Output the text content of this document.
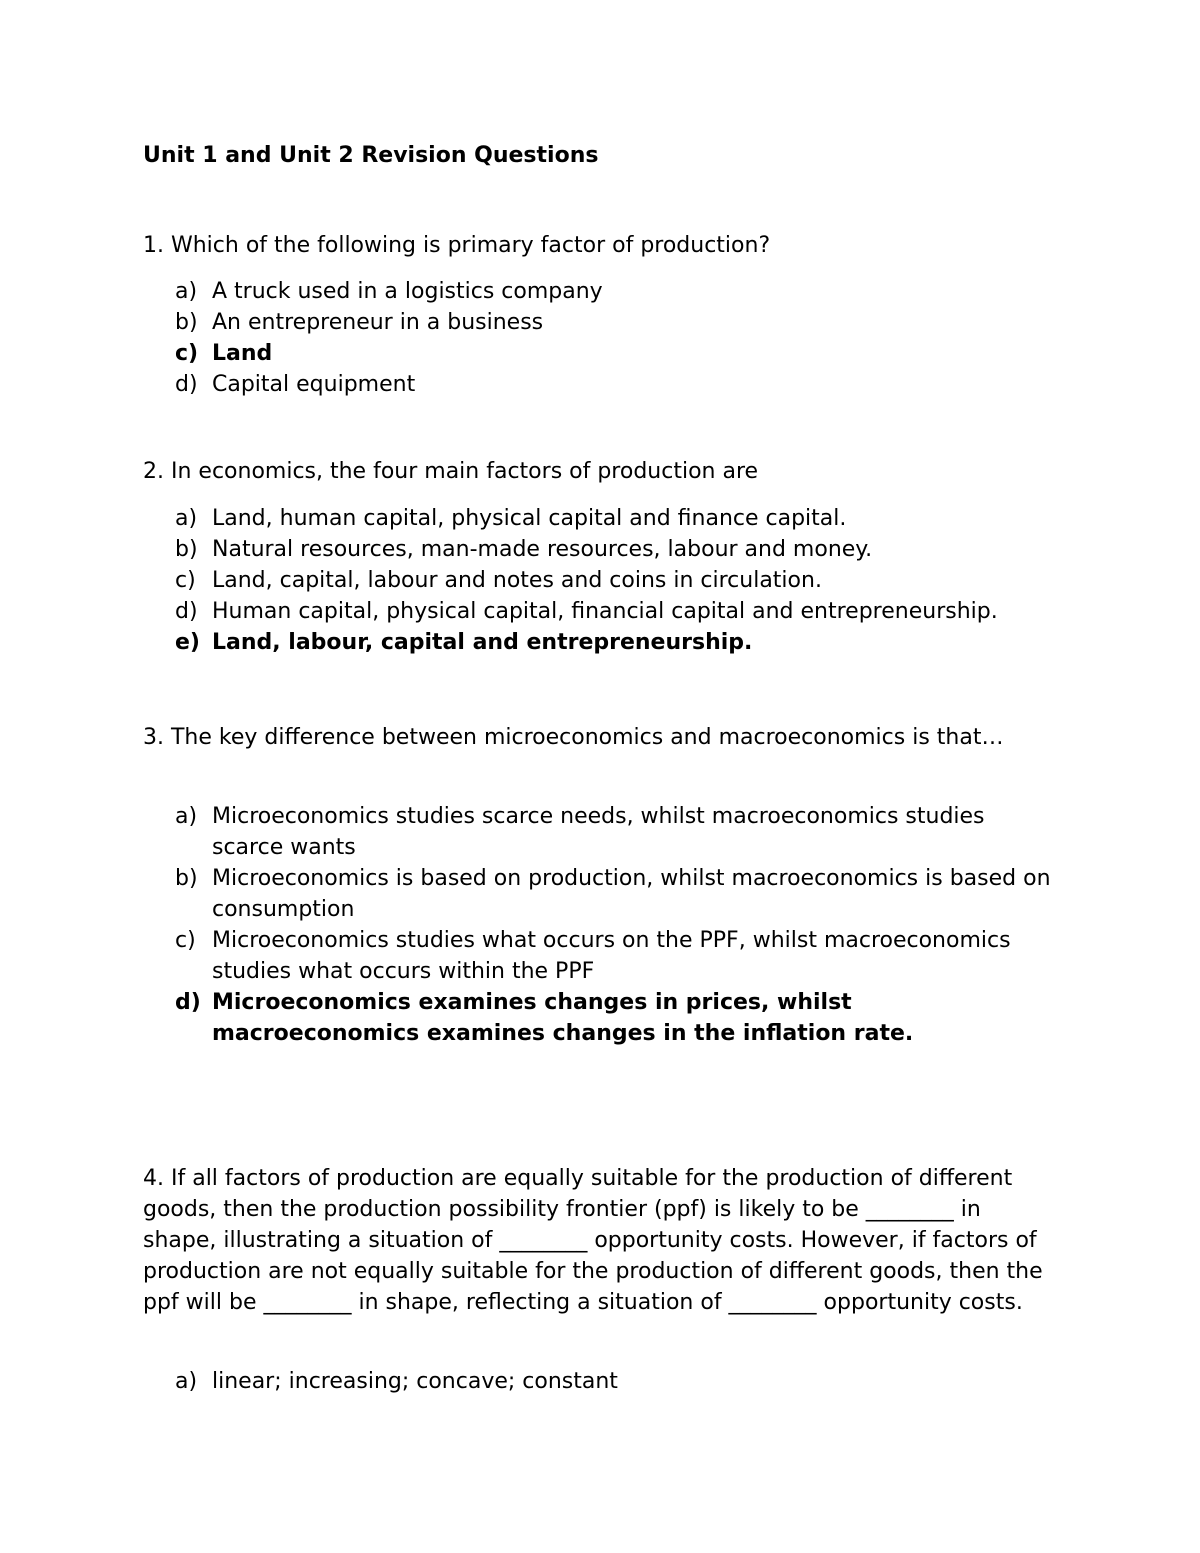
Unit 1 and Unit 2 Revision Questions

1. Which of the following is primary factor of production?

a) A truck used in a logistics company
b) An entrepreneur in a business
c) Land
d) Capital equipment

2. In economics, the four main factors of production are

a) Land, human capital, physical capital and finance capital.
b) Natural resources, man-made resources, labour and money.
c) Land, capital, labour and notes and coins in circulation.
d) Human capital, physical capital, financial capital and entrepreneurship.
e) Land, labour, capital and entrepreneurship.

3. The key difference between microeconomics and macroeconomics is that…

a) Microeconomics studies scarce needs, whilst macroeconomics studies scarce wants
b) Microeconomics is based on production, whilst macroeconomics is based on consumption
c) Microeconomics studies what occurs on the PPF, whilst macroeconomics studies what occurs within the PPF
d) Microeconomics examines changes in prices, whilst macroeconomics examines changes in the inflation rate.

4. If all factors of production are equally suitable for the production of different goods, then the production possibility frontier (ppf) is likely to be ________ in shape, illustrating a situation of ________ opportunity costs. However, if factors of production are not equally suitable for the production of different goods, then the ppf will be ________ in shape, reflecting a situation of ________ opportunity costs.

a) linear; increasing; concave; constant
